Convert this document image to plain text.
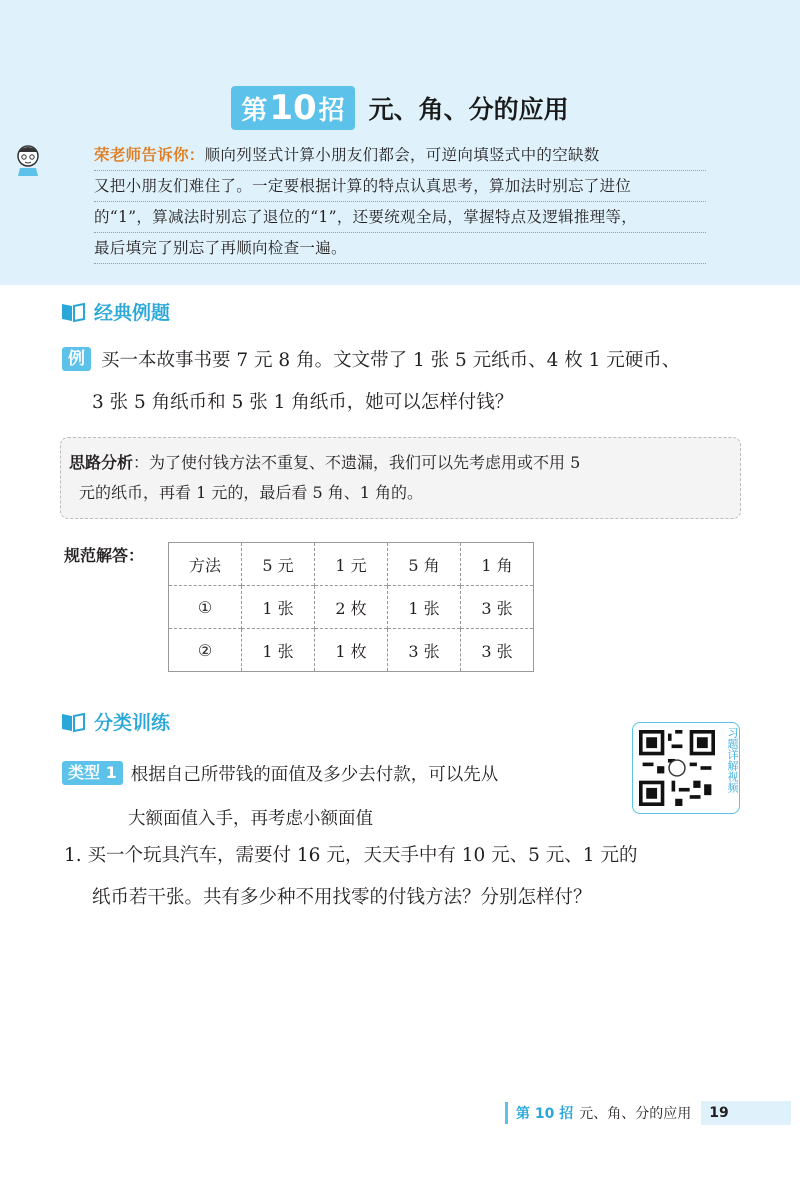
第 10 招 元、角、分的应用
荣老师告诉你：顺向列竖式计算小朋友们都会，可逆向填竖式中的空缺数
又把小朋友们难住了。一定要根据计算的特点认真思考，算加法时别忘了进位
的“1”，算减法时别忘了退位的“1”，还要统观全局，掌握特点及逻辑推理等，
最后填完了别忘了再顺向检查一遍。
经典例题
例 买一本故事书要 7 元 8 角。文文带了 1 张 5 元纸币、4 枚 1 元硬币、
3 张 5 角纸币和 5 张 1 角纸币，她可以怎样付钱？
思路分析：为了使付钱方法不重复、不遗漏，我们可以先考虑用或不用 5
元的纸币，再看 1 元的，最后看 5 角、1 角的。
规范解答：	方法	5 元	1 元	5 角	1 角
①	1 张	2 枚	1 张	3 张
②	1 张	1 枚	3 张	3 张
分类训练
习题详解视频
类型 1 根据自己所带钱的面值及多少去付款，可以先从
大额面值入手，再考虑小额面值
1. 买一个玩具汽车，需要付 16 元，天天手中有 10 元、5 元、1 元的
纸币若干张。共有多少种不用找零的付钱方法？分别怎样付？
第 10 招 元、角、分的应用	19
